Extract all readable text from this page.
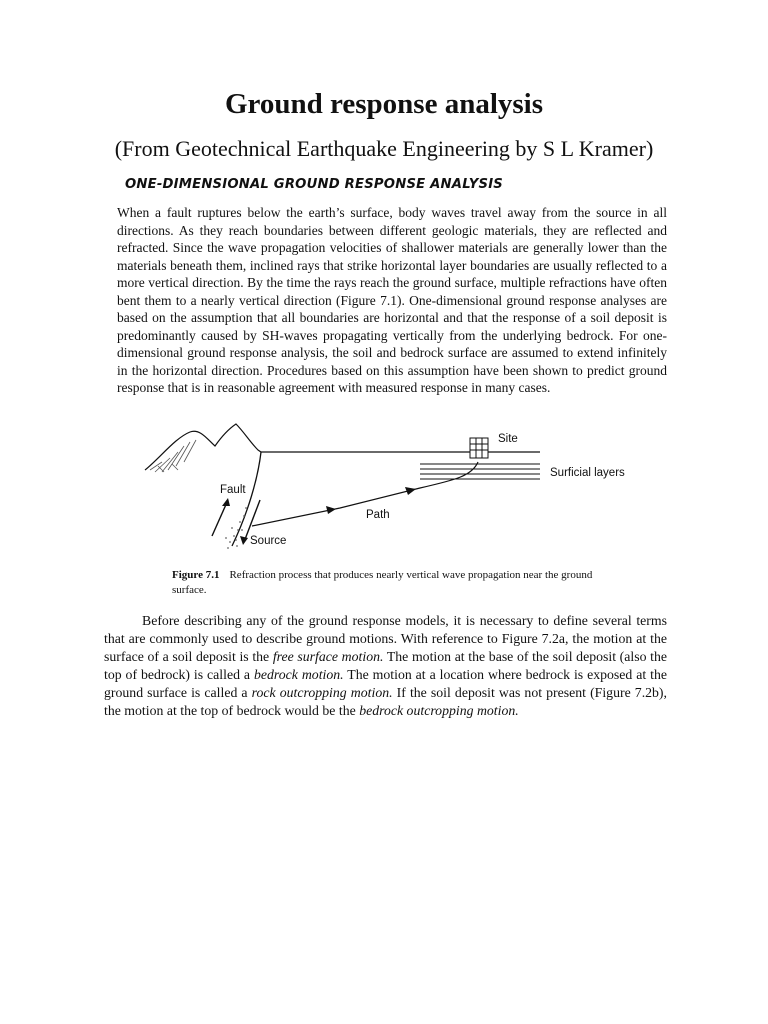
Ground response analysis

(From Geotechnical Earthquake Engineering by S L Kramer)

ONE-DIMENSIONAL GROUND RESPONSE ANALYSIS

When a fault ruptures below the earth’s surface, body waves travel away from the source in all directions. As they reach boundaries between different geologic materials, they are reflected and refracted. Since the wave propagation velocities of shallower materials are generally lower than the materials beneath them, inclined rays that strike horizontal layer boundaries are usually reflected to a more vertical direction. By the time the rays reach the ground surface, multiple refractions have often bent them to a nearly vertical direction (Figure 7.1). One-dimensional ground response analyses are based on the assumption that all boundaries are horizontal and that the response of a soil deposit is predominantly caused by SH-waves propagating vertically from the underlying bedrock. For one-dimensional ground response analysis, the soil and bedrock surface are assumed to extend infinitely in the horizontal direction. Procedures based on this assumption have been shown to predict ground response that is in reasonable agreement with measured response in many cases.

Site
Surficial layers
Fault
Path
Source

Figure 7.1 Refraction process that produces nearly vertical wave propagation near the ground surface.

Before describing any of the ground response models, it is necessary to define several terms that are commonly used to describe ground motions. With reference to Figure 7.2a, the motion at the surface of a soil deposit is the free surface motion. The motion at the base of the soil deposit (also the top of bedrock) is called a bedrock motion. The motion at a location where bedrock is exposed at the ground surface is called a rock outcropping motion. If the soil deposit was not present (Figure 7.2b), the motion at the top of bedrock would be the bedrock outcropping motion.
